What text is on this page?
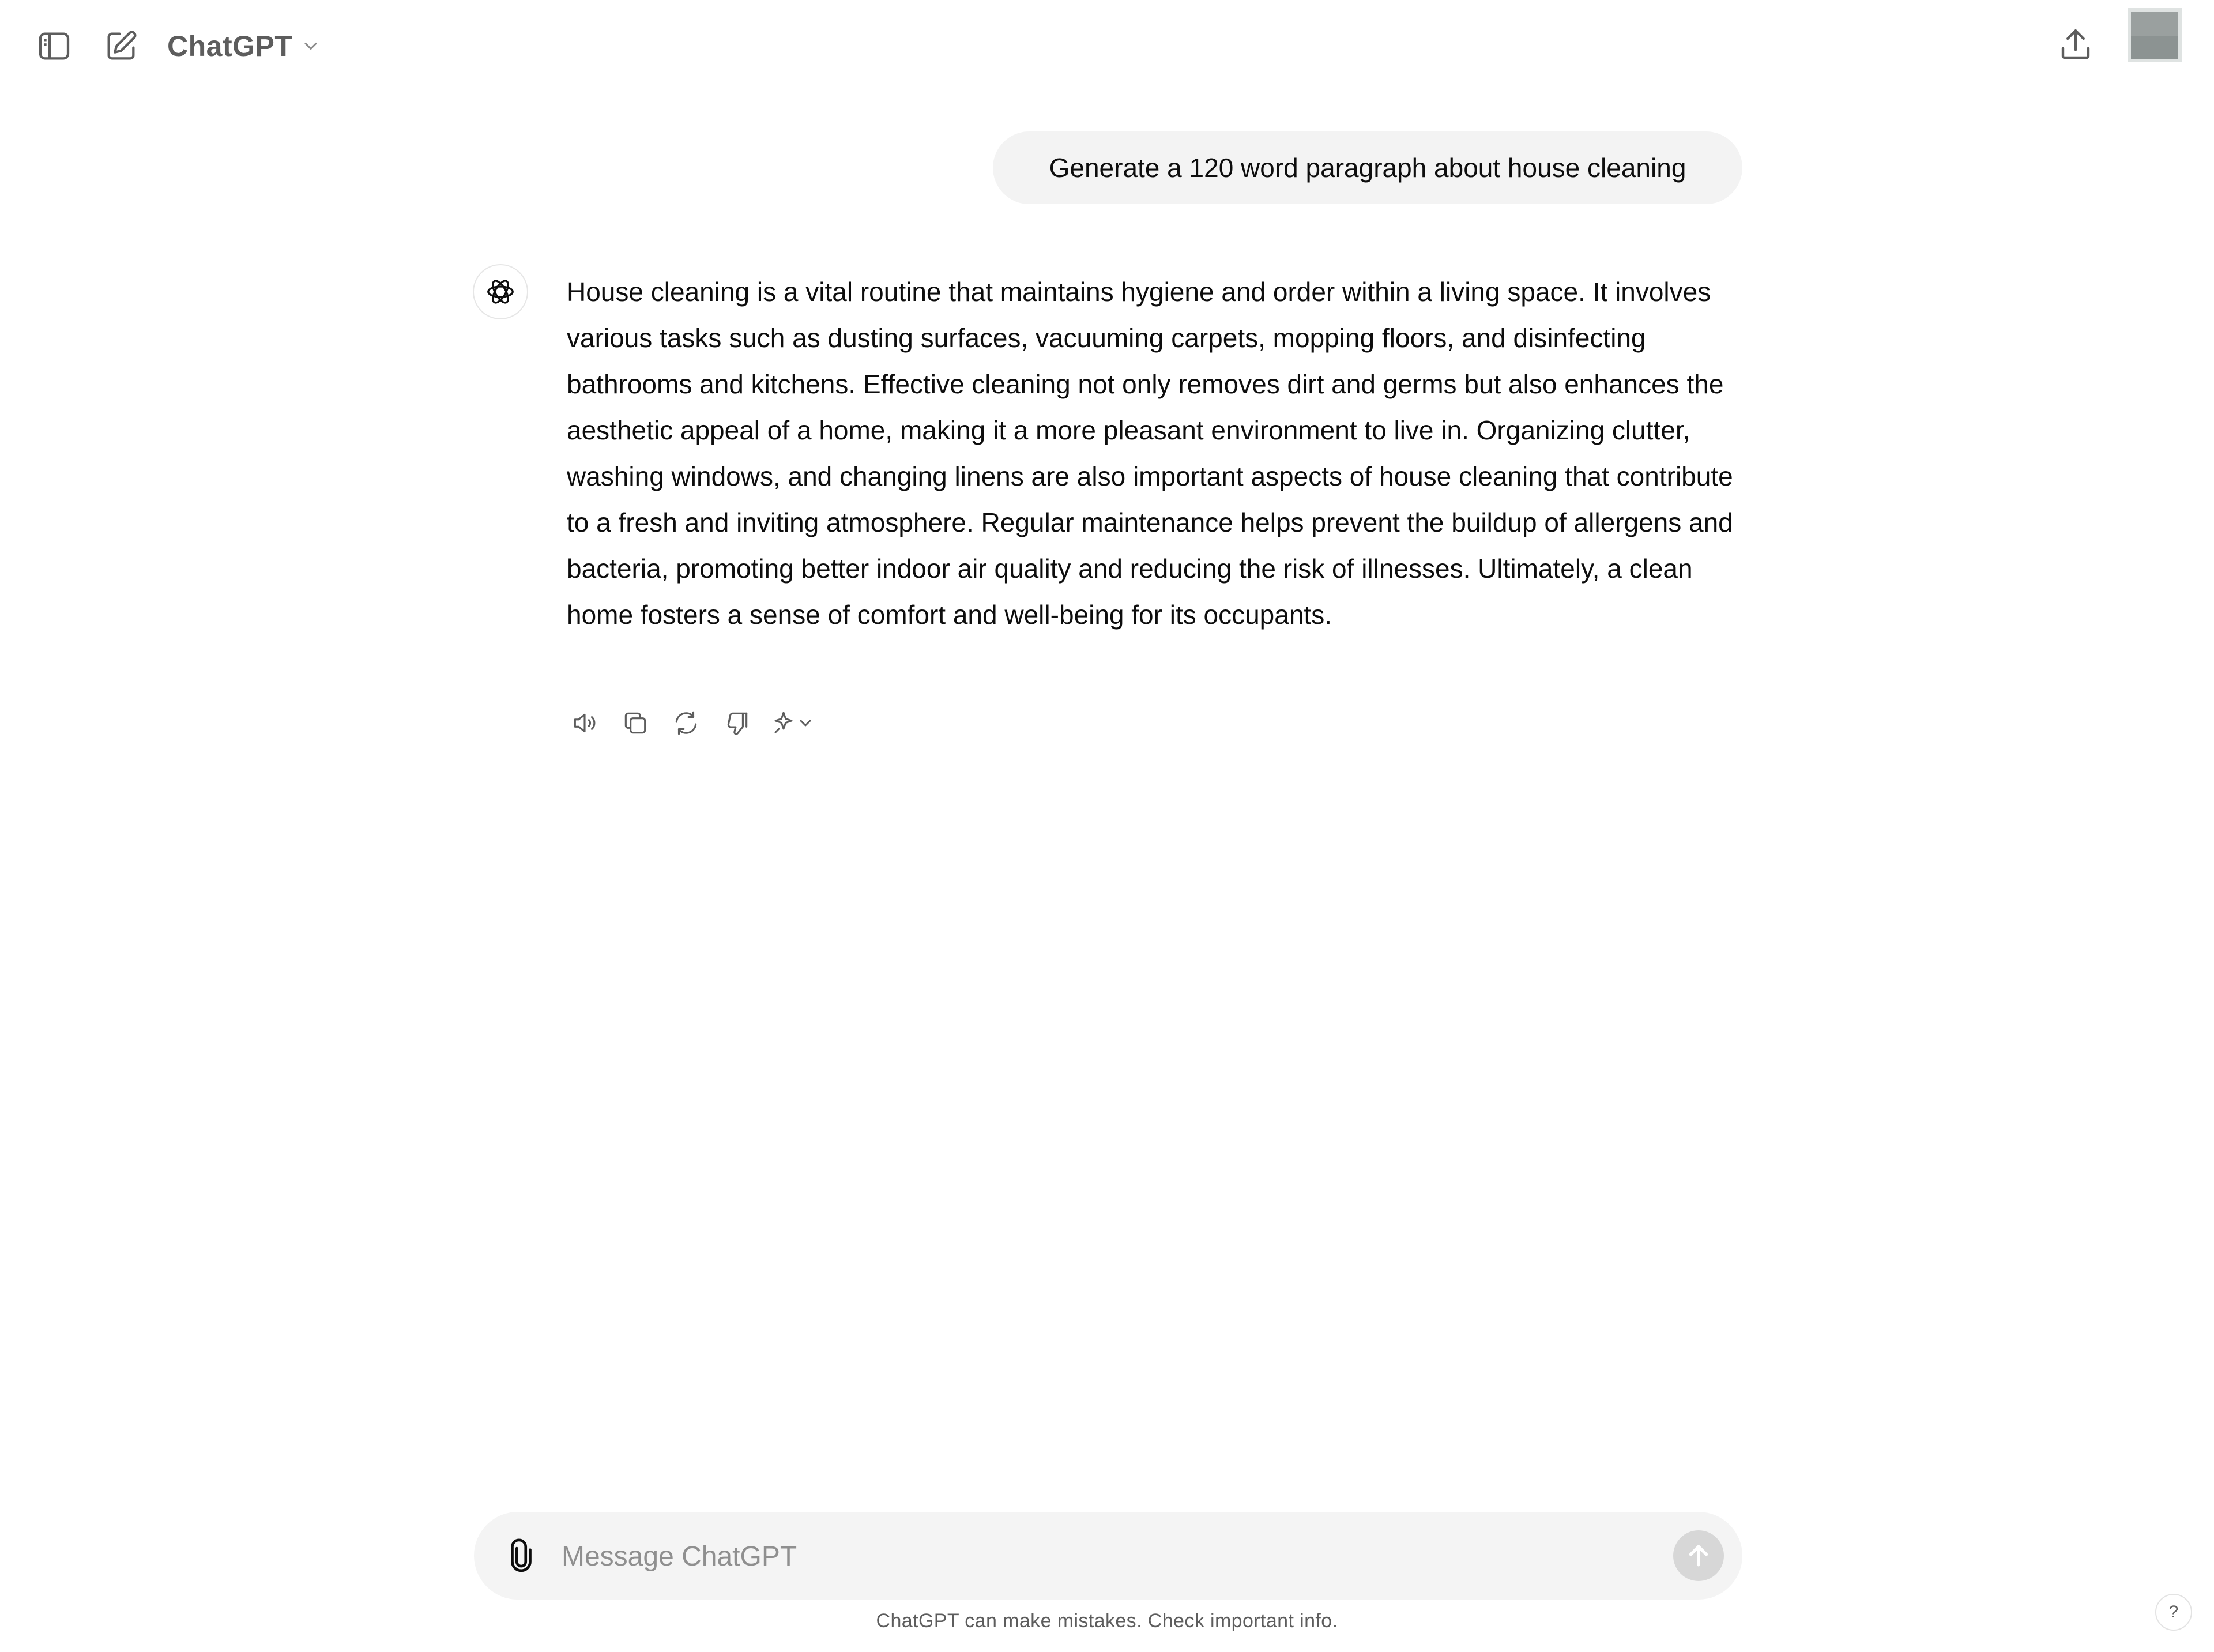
ChatGPT
Generate a 120 word paragraph about house cleaning

House cleaning is a vital routine that maintains hygiene and order within a living space. It involves various tasks such as dusting surfaces, vacuuming carpets, mopping floors, and disinfecting bathrooms and kitchens. Effective cleaning not only removes dirt and germs but also enhances the aesthetic appeal of a home, making it a more pleasant environment to live in. Organizing clutter, washing windows, and changing linens are also important aspects of house cleaning that contribute to a fresh and inviting atmosphere. Regular maintenance helps prevent the buildup of allergens and bacteria, promoting better indoor air quality and reducing the risk of illnesses. Ultimately, a clean home fosters a sense of comfort and well-being for its occupants.

Message ChatGPT
ChatGPT can make mistakes. Check important info.	?
